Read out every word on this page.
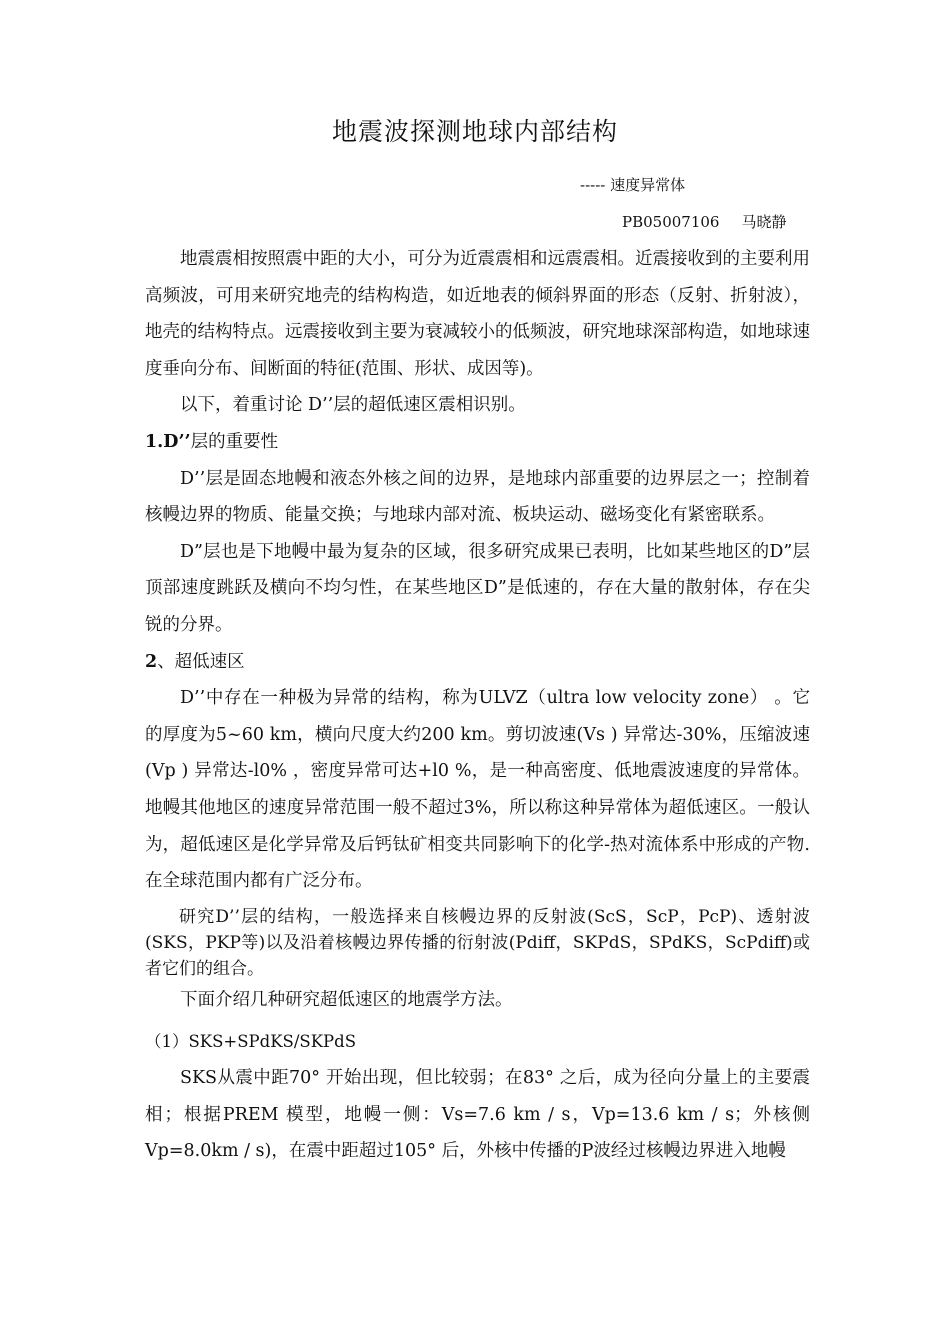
地震波探测地球内部结构
----- 速度异常体
PB05007106 马晓静

地震震相按照震中距的大小，可分为近震震相和远震震相。近震接收到的主要利用高频波，可用来研究地壳的结构构造，如近地表的倾斜界面的形态（反射、折射波），地壳的结构特点。远震接收到主要为衰减较小的低频波，研究地球深部构造，如地球速度垂向分布、间断面的特征(范围、形状、成因等)。

以下，着重讨论 D’’层的超低速区震相识别。

1.D’’层的重要性

D’’层是固态地幔和液态外核之间的边界，是地球内部重要的边界层之一；控制着核幔边界的物质、能量交换；与地球内部对流、板块运动、磁场变化有紧密联系。

D”层也是下地幔中最为复杂的区域，很多研究成果已表明，比如某些地区的D”层顶部速度跳跃及横向不均匀性，在某些地区D”是低速的，存在大量的散射体，存在尖锐的分界。

2、超低速区

D’’中存在一种极为异常的结构，称为ULVZ（ultra low velocity zone） 。它的厚度为5~60 km，横向尺度大约200 km。剪切波速(Vs ) 异常达-30%，压缩波速(Vp ) 异常达-l0% ，密度异常可达+l0 %，是一种高密度、低地震波速度的异常体。地幔其他地区的速度异常范围一般不超过3%，所以称这种异常体为超低速区。一般认为，超低速区是化学异常及后钙钛矿相变共同影响下的化学-热对流体系中形成的产物. 在全球范围内都有广泛分布。

研究D’’层的结构，一般选择来自核幔边界的反射波(ScS，ScP，PcP)、透射波(SKS，PKP等)以及沿着核幔边界传播的衍射波(Pdiff，SKPdS，SPdKS，ScPdiff)或者它们的组合。

下面介绍几种研究超低速区的地震学方法。

（1）SKS+SPdKS/SKPdS

SKS从震中距70° 开始出现，但比较弱；在83° 之后，成为径向分量上的主要震相；根据PREM 模型，地幔一侧：Vs=7.6 km / s，Vp=13.6 km / s；外核侧Vp=8.0km / s)，在震中距超过105° 后，外核中传播的P波经过核幔边界进入地幔
